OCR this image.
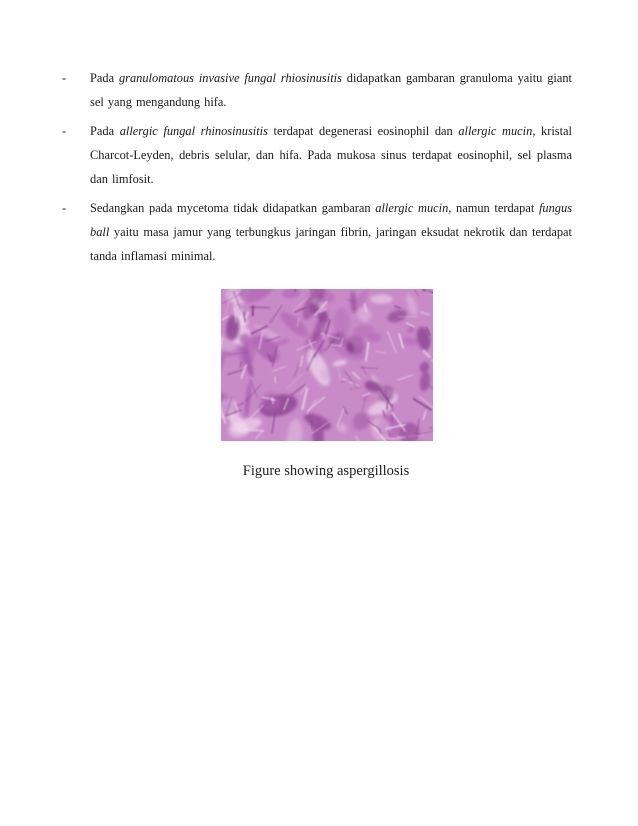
- Pada granulomatous invasive fungal rhiosinusitis didapatkan gambaran granuloma yaitu giant sel yang mengandung hifa.
- Pada allergic fungal rhinosinusitis terdapat degenerasi eosinophil dan allergic mucin, kristal Charcot-Leyden, debris selular, dan hifa. Pada mukosa sinus terdapat eosinophil, sel plasma dan limfosit.
- Sedangkan pada mycetoma tidak didapatkan gambaran allergic mucin, namun terdapat fungus ball yaitu masa jamur yang terbungkus jaringan fibrin, jaringan eksudat nekrotik dan terdapat tanda inflamasi minimal.
Figure showing aspergillosis
